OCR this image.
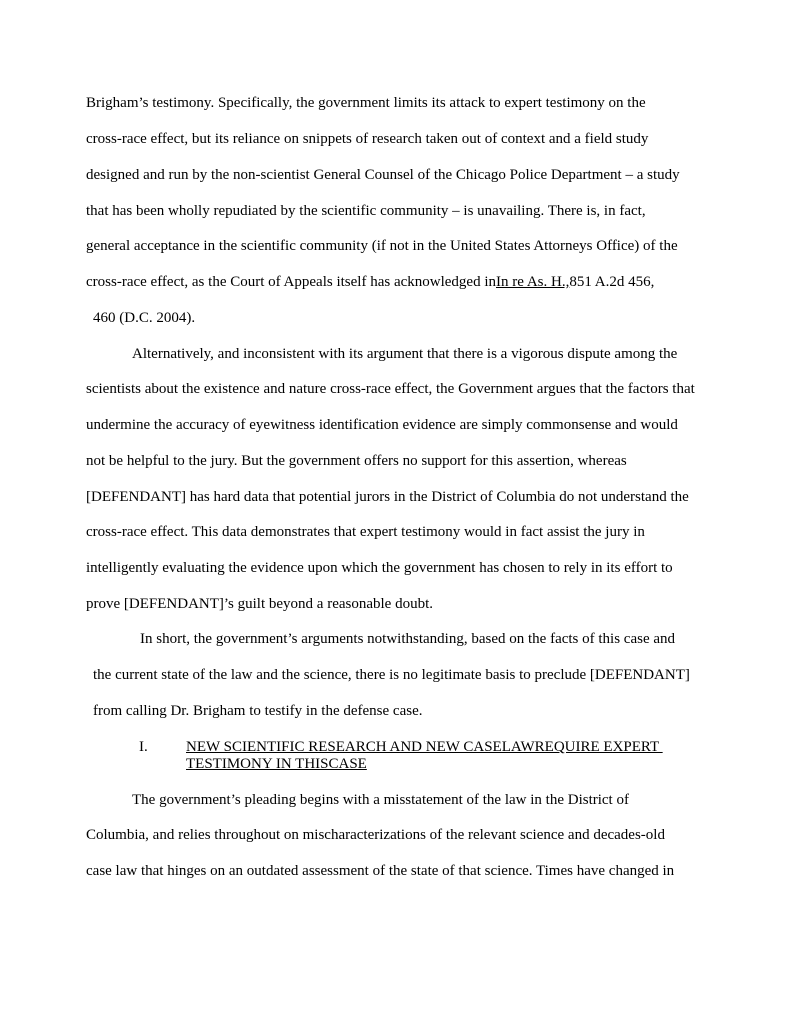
Brigham’s testimony. Specifically, the government limits its attack to expert testimony on the
cross-race effect, but its reliance on snippets of research taken out of context and a field study
designed and run by the non-scientist General Counsel of the Chicago Police Department – a study
that has been wholly repudiated by the scientific community – is unavailing. There is, in fact,
general acceptance in the scientific community (if not in the United States Attorneys Office) of the
cross-race effect, as the Court of Appeals itself has acknowledged inIn re As. H.,851 A.2d 456,
460 (D.C. 2004).
Alternatively, and inconsistent with its argument that there is a vigorous dispute among the
scientists about the existence and nature cross-race effect, the Government argues that the factors that
undermine the accuracy of eyewitness identification evidence are simply commonsense and would
not be helpful to the jury. But the government offers no support for this assertion, whereas
[DEFENDANT] has hard data that potential jurors in the District of Columbia do not understand the
cross-race effect. This data demonstrates that expert testimony would in fact assist the jury in
intelligently evaluating the evidence upon which the government has chosen to rely in its effort to
prove [DEFENDANT]’s guilt beyond a reasonable doubt.
In short, the government’s arguments notwithstanding, based on the facts of this case and
the current state of the law and the science, there is no legitimate basis to preclude [DEFENDANT]
from calling Dr. Brigham to testify in the defense case.
I.	NEW SCIENTIFIC RESEARCH AND NEW CASELAWREQUIRE EXPERT
TESTIMONY IN THISCASE
The government’s pleading begins with a misstatement of the law in the District of
Columbia, and relies throughout on mischaracterizations of the relevant science and decades-old
case law that hinges on an outdated assessment of the state of that science. Times have changed in
